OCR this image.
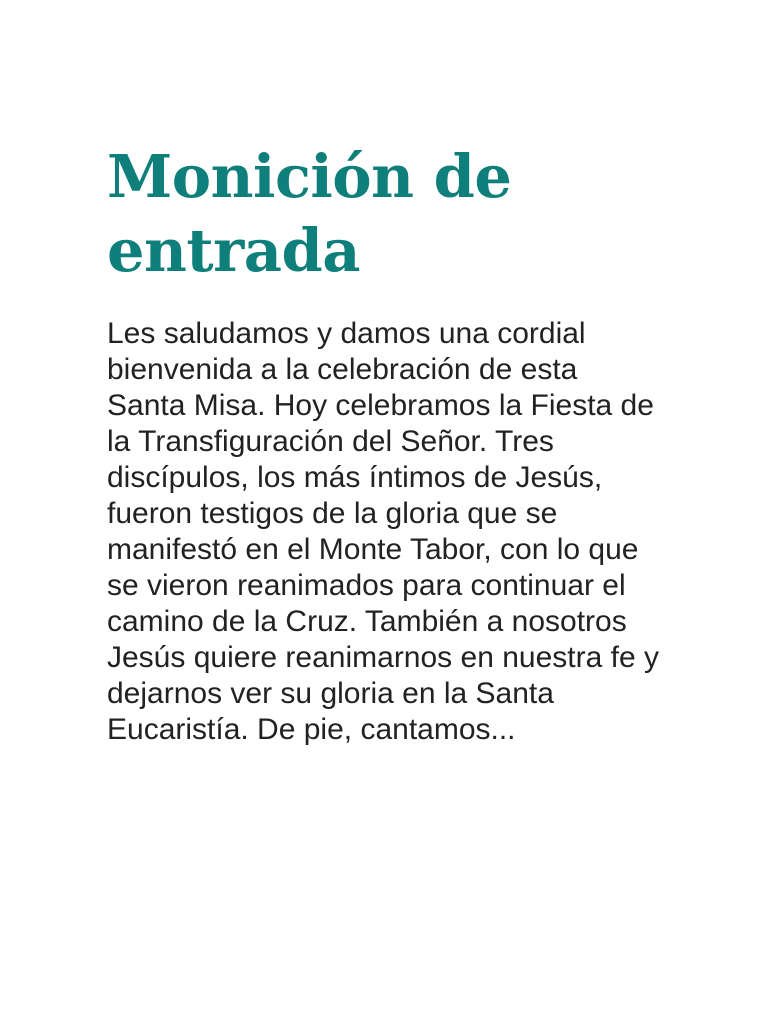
Monición de
entrada

Les saludamos y damos una cordial
bienvenida a la celebración de esta
Santa Misa. Hoy celebramos la Fiesta de
la Transfiguración del Señor. Tres
discípulos, los más íntimos de Jesús,
fueron testigos de la gloria que se
manifestó en el Monte Tabor, con lo que
se vieron reanimados para continuar el
camino de la Cruz. También a nosotros
Jesús quiere reanimarnos en nuestra fe y
dejarnos ver su gloria en la Santa
Eucaristía. De pie, cantamos...
